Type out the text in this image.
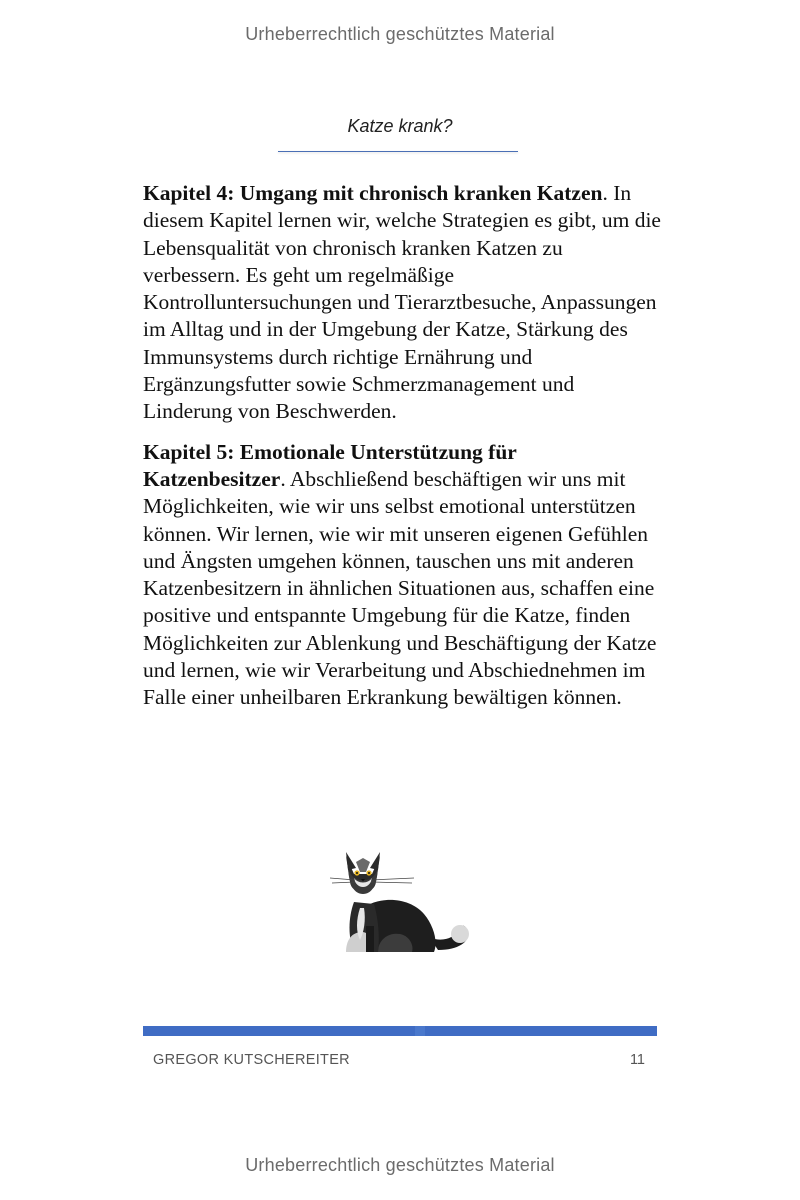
Urheberrechtlich geschütztes Material
Katze krank?

Kapitel 4: Umgang mit chronisch kranken Katzen. In diesem Kapitel lernen wir, welche Strategien es gibt, um die Lebensqualität von chronisch kranken Katzen zu verbessern. Es geht um regelmäßige Kontrolluntersuchungen und Tierarztbesuche, Anpassungen im Alltag und in der Umgebung der Katze, Stärkung des Immunsystems durch richtige Ernährung und Ergänzungsfutter sowie Schmerzmanagement und Linderung von Beschwerden.

Kapitel 5: Emotionale Unterstützung für Katzenbesitzer. Abschließend beschäftigen wir uns mit Möglichkeiten, wie wir uns selbst emotional unterstützen können. Wir lernen, wie wir mit unseren eigenen Gefühlen und Ängsten umgehen können, tauschen uns mit anderen Katzenbesitzern in ähnlichen Situationen aus, schaffen eine positive und entspannte Umgebung für die Katze, finden Möglichkeiten zur Ablenkung und Beschäftigung der Katze und lernen, wie wir Verarbeitung und Abschiednehmen im Falle einer unheilbaren Erkrankung bewältigen können.

GREGOR KUTSCHEREITER	11
Urheberrechtlich geschütztes Material
